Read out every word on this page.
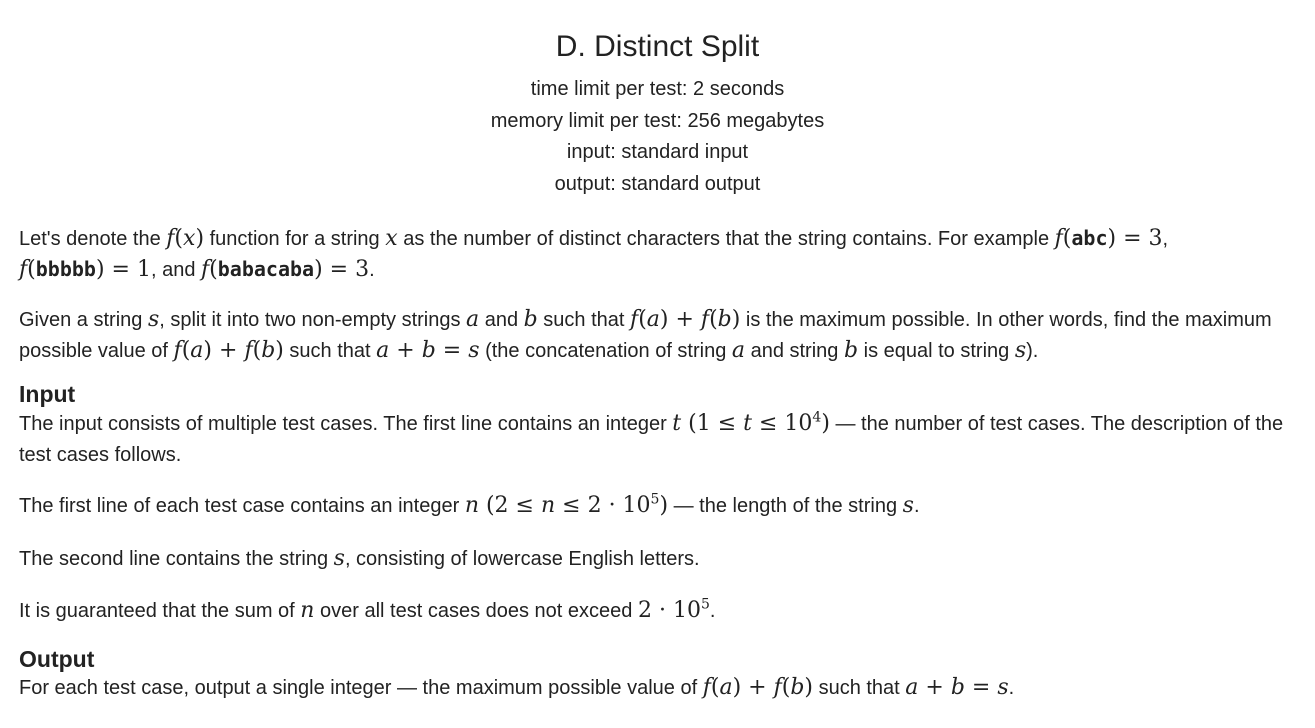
D. Distinct Split
time limit per test: 2 seconds
memory limit per test: 256 megabytes
input: standard input
output: standard output

Let's denote the f(x) function for a string x as the number of distinct characters that the string contains. For example f(abc) = 3,
f(bbbbb) = 1, and f(babacaba) = 3.

Given a string s, split it into two non-empty strings a and b such that f(a) + f(b) is the maximum possible. In other words, find the maximum possible value of f(a) + f(b) such that a + b = s (the concatenation of string a and string b is equal to string s).

Input

The input consists of multiple test cases. The first line contains an integer t $(1 \le t \le 10^4)$ — the number of test cases. The description of the test cases follows.

The first line of each test case contains an integer n $(2 \le n \le 2 \cdot 10^5)$ — the length of the string s.

The second line contains the string s, consisting of lowercase English letters.

It is guaranteed that the sum of n over all test cases does not exceed $2 \cdot 10^5$.

Output

For each test case, output a single integer — the maximum possible value of f(a) + f(b) such that a + b = s.
